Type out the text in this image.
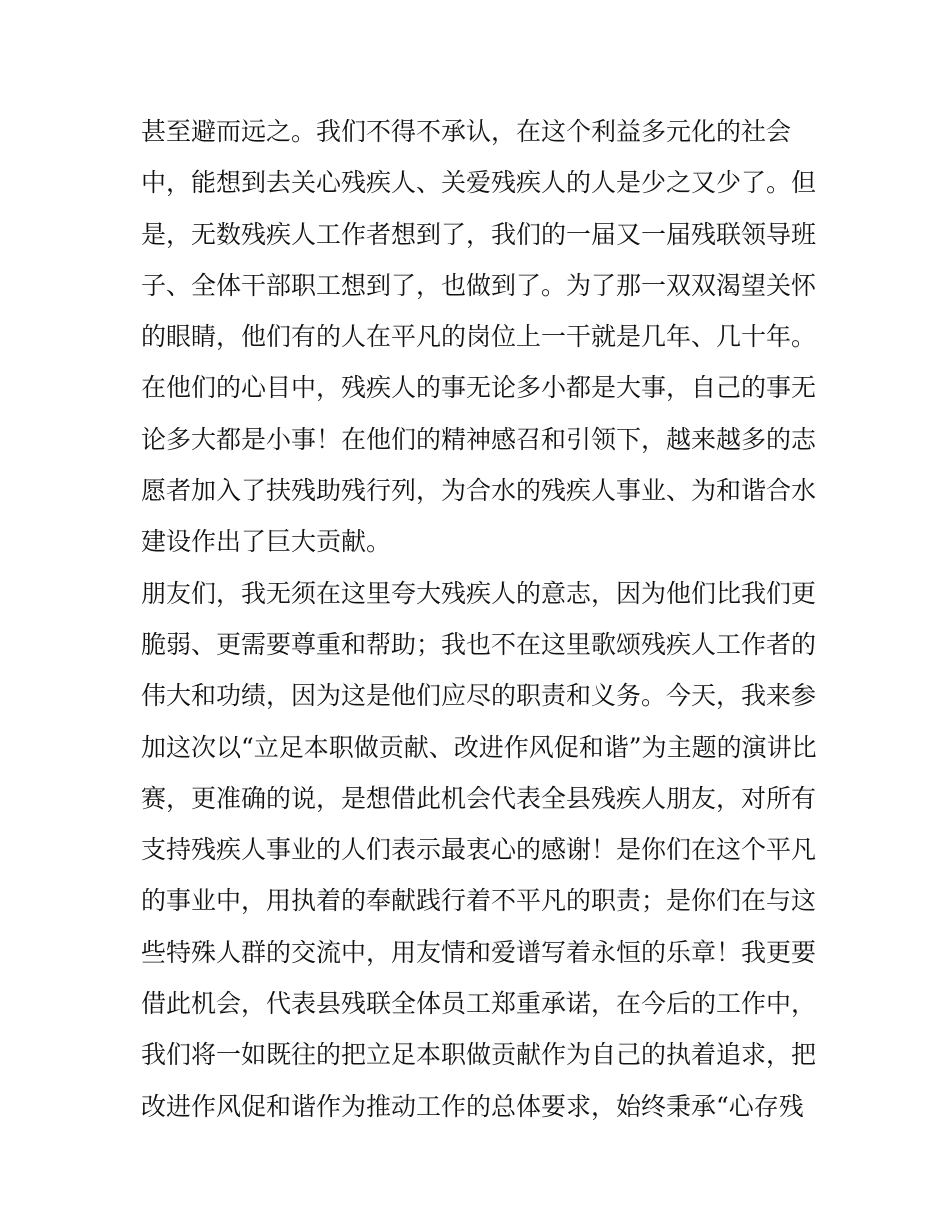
甚至避而远之。我们不得不承认，在这个利益多元化的社会
中，能想到去关心残疾人、关爱残疾人的人是少之又少了。但
是，无数残疾人工作者想到了，我们的一届又一届残联领导班
子、全体干部职工想到了，也做到了。为了那一双双渴望关怀
的眼睛，他们有的人在平凡的岗位上一干就是几年、几十年。
在他们的心目中，残疾人的事无论多小都是大事，自己的事无
论多大都是小事！在他们的精神感召和引领下，越来越多的志
愿者加入了扶残助残行列，为合水的残疾人事业、为和谐合水
建设作出了巨大贡献。
朋友们，我无须在这里夸大残疾人的意志，因为他们比我们更
脆弱、更需要尊重和帮助；我也不在这里歌颂残疾人工作者的
伟大和功绩，因为这是他们应尽的职责和义务。今天，我来参
加这次以“立足本职做贡献、改进作风促和谐”为主题的演讲比
赛，更准确的说，是想借此机会代表全县残疾人朋友，对所有
支持残疾人事业的人们表示最衷心的感谢！是你们在这个平凡
的事业中，用执着的奉献践行着不平凡的职责；是你们在与这
些特殊人群的交流中，用友情和爱谱写着永恒的乐章！我更要
借此机会，代表县残联全体员工郑重承诺，在今后的工作中，
我们将一如既往的把立足本职做贡献作为自己的执着追求，把
改进作风促和谐作为推动工作的总体要求，始终秉承“心存残
